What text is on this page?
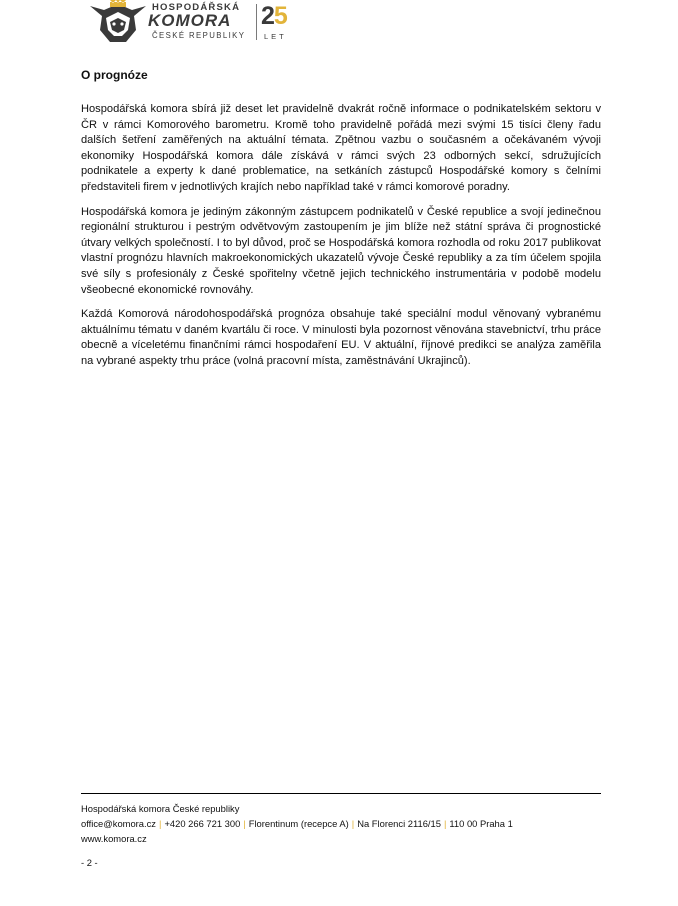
HOSPODÁŘSKÁ
KOMORA
ČESKÉ REPUBLIKY
25
LET
O prognóze

Hospodářská komora sbírá již deset let pravidelně dvakrát ročně informace o podnikatelském sektoru v ČR v rámci Komorového barometru. Kromě toho pravidelně pořádá mezi svými 15 tisíci členy řadu dalších šetření zaměřených na aktuální témata. Zpětnou vazbu o současném a očekávaném vývoji ekonomiky Hospodářská komora dále získává v rámci svých 23 odborných sekcí, sdružujících podnikatele a experty k dané problematice, na setkáních zástupců Hospodářské komory s čelními představiteli firem v jednotlivých krajích nebo například také v rámci komorové poradny.

Hospodářská komora je jediným zákonným zástupcem podnikatelů v České republice a svojí jedinečnou regionální strukturou i pestrým odvětvovým zastoupením je jim blíže než státní správa či prognostické útvary velkých společností. I to byl důvod, proč se Hospodářská komora rozhodla od roku 2017 publikovat vlastní prognózu hlavních makroekonomických ukazatelů vývoje České republiky a za tím účelem spojila své síly s profesionály z České spořitelny včetně jejich technického instrumentária v podobě modelu všeobecné ekonomické rovnováhy.

Každá Komorová národohospodářská prognóza obsahuje také speciální modul věnovaný vybranému aktuálnímu tématu v daném kvartálu či roce. V minulosti byla pozornost věnována stavebnictví, trhu práce obecně a víceletému finančními rámci hospodaření EU. V aktuální, říjnové predikci se analýza zaměřila na vybrané aspekty trhu práce (volná pracovní místa, zaměstnávání Ukrajinců).

Hospodářská komora České republiky
office@komora.cz | +420 266 721 300 | Florentinum (recepce A) | Na Florenci 2116/15 | 110 00 Praha 1
www.komora.cz
- 2 -
